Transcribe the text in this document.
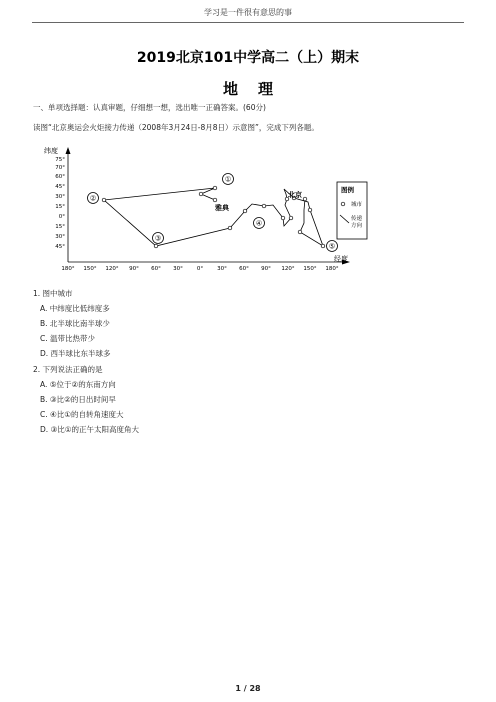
学习是一件很有意思的事
2019北京101中学高二（上）期末
地理
一、单项选择题：认真审题，仔细想一想，选出唯一正确答案。(60分)
读图“北京奥运会火炬接力传递（2008年3月24日-8月8日）示意图”，完成下列各题。
纬度
经度
75°
70°
60°
45°
30°
15°
0°
15°
30°
45°
180° 150° 120° 90° 60° 30°	0°	30° 60° 90° 120° 150° 180°
①
②
③
④
⑤
北京
雅典
图例
城市
传递
方向
1. 图中城市
A. 中纬度比低纬度多
B. 北半球比南半球少
C. 温带比热带少
D. 西半球比东半球多
2. 下列说法正确的是
A. ⑤位于②的东南方向
B. ③比②的日出时间早
C. ④比①的自转角速度大
D. ③比①的正午太阳高度角大
1 / 28
